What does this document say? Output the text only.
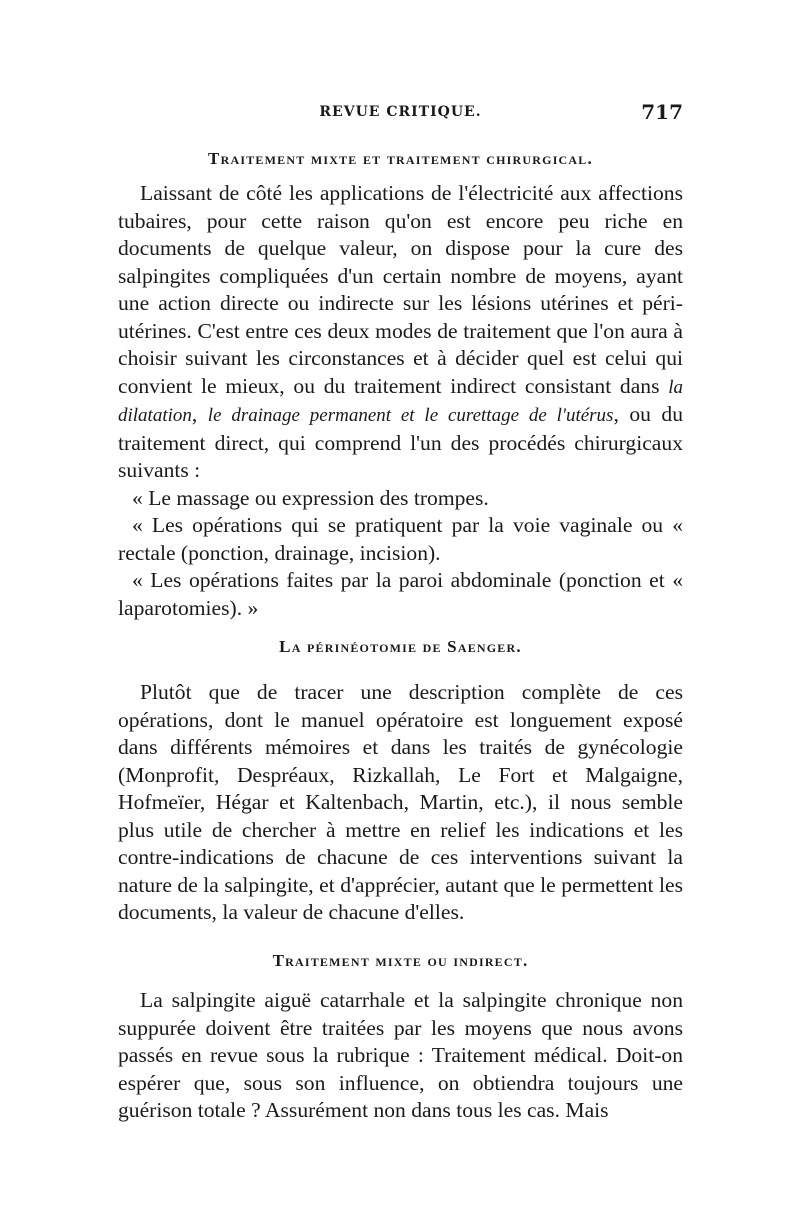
REVUE CRITIQUE.	717
Traitement mixte et traitement chirurgical.

Laissant de côté les applications de l'électricité aux affections tubaires, pour cette raison qu'on est encore peu riche en documents de quelque valeur, on dispose pour la cure des salpingites compliquées d'un certain nombre de moyens, ayant une action directe ou indirecte sur les lésions utérines et péri-utérines. C'est entre ces deux modes de traitement que l'on aura à choisir suivant les circonstances et à décider quel est celui qui convient le mieux, ou du traitement indirect consistant dans la dilatation, le drainage permanent et le curettage de l'utérus, ou du traitement direct, qui comprend l'un des procédés chirurgicaux suivants :

« Le massage ou expression des trompes.

« Les opérations qui se pratiquent par la voie vaginale ou « rectale (ponction, drainage, incision).

« Les opérations faites par la paroi abdominale (ponction et « laparotomies). »

La périnéotomie de Saenger.

Plutôt que de tracer une description complète de ces opérations, dont le manuel opératoire est longuement exposé dans différents mémoires et dans les traités de gynécologie (Monprofit, Despréaux, Rizkallah, Le Fort et Malgaigne, Hofmeïer, Hégar et Kaltenbach, Martin, etc.), il nous semble plus utile de chercher à mettre en relief les indications et les contre-indications de chacune de ces interventions suivant la nature de la salpingite, et d'apprécier, autant que le permettent les documents, la valeur de chacune d'elles.

Traitement mixte ou indirect.

La salpingite aiguë catarrhale et la salpingite chronique non suppurée doivent être traitées par les moyens que nous avons passés en revue sous la rubrique : Traitement médical. Doit-on espérer que, sous son influence, on obtiendra toujours une guérison totale ? Assurément non dans tous les cas. Mais
